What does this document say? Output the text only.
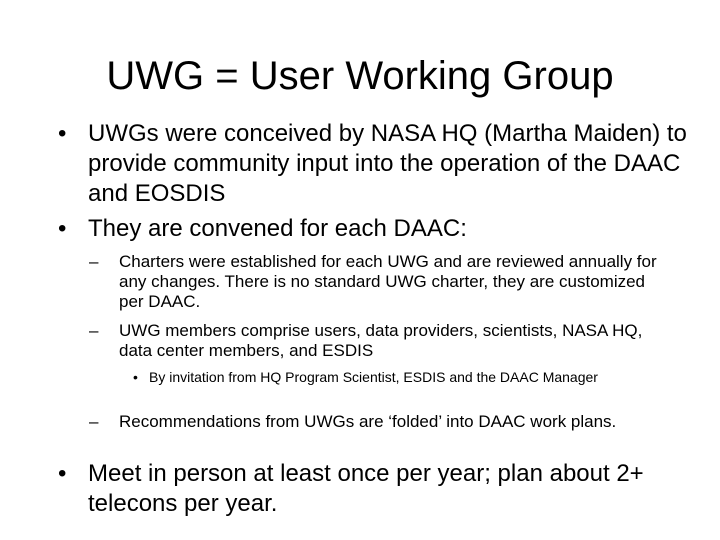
UWG = User Working Group
• UWGs were conceived by NASA HQ (Martha Maiden) to provide community input into the operation of the DAAC and EOSDIS
• They are convened for each DAAC:
– Charters were established for each UWG and are reviewed annually for any changes. There is no standard UWG charter, they are customized per DAAC.
– UWG members comprise users, data providers, scientists, NASA HQ, data center members, and ESDIS
• By invitation from HQ Program Scientist, ESDIS and the DAAC Manager
– Recommendations from UWGs are ‘folded’ into DAAC work plans.
• Meet in person at least once per year; plan about 2+ telecons per year.
